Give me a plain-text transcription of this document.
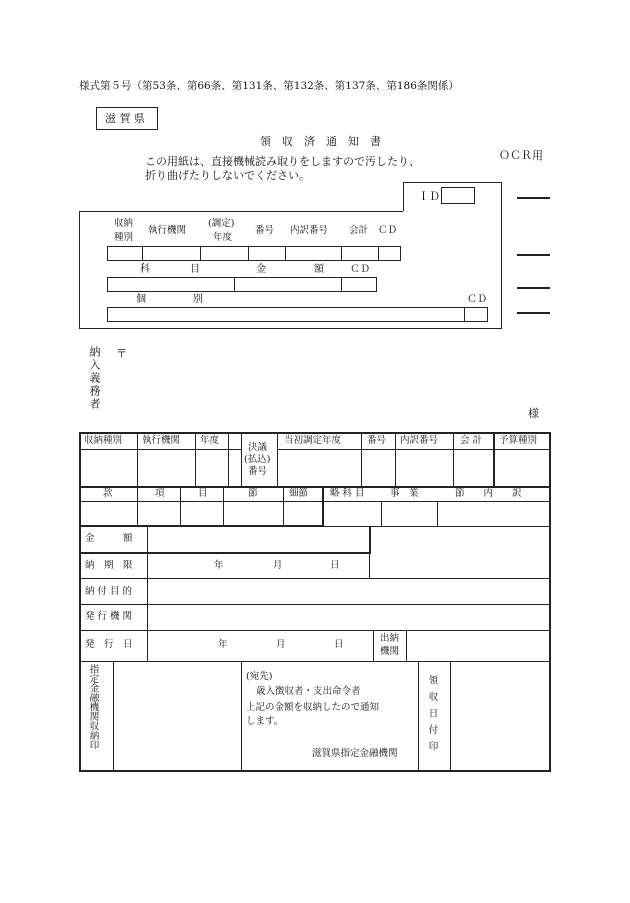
様式第５号（第53条、第66条、第131条、第132条、第137条、第186条関係）
滋 賀 県
領　収　済　通　知　書
ＯＣＲ用
この用紙は、直接機械読み取りをしますので汚したり、
折り曲げたりしないでください。
ＩＤ
収納
種別
執行機関
(調定)
年度
番号 内訳番号 会計 ＣＤ
科	目	金	額	ＣＤ
個	別	ＣＤ
納入義務者 〒
様
収納種別 執行機関 年度
決議
(払込)
番号
当初調定年度	番号 内訳番号 会 計 予算種別
款	項	目	節	細節 略 科 目	事　業	節　　内　　訳
金　　　額
納　期　限	年	月	日
納 付 目 的
発 行 機 関
発　行　日	年	月	日
出納
機関
指定金融機関収納印	(宛先)
歳入徴収者・支出命令者
上記の金額を収納したので通知
します。
滋賀県指定金融機関	領収日付印
